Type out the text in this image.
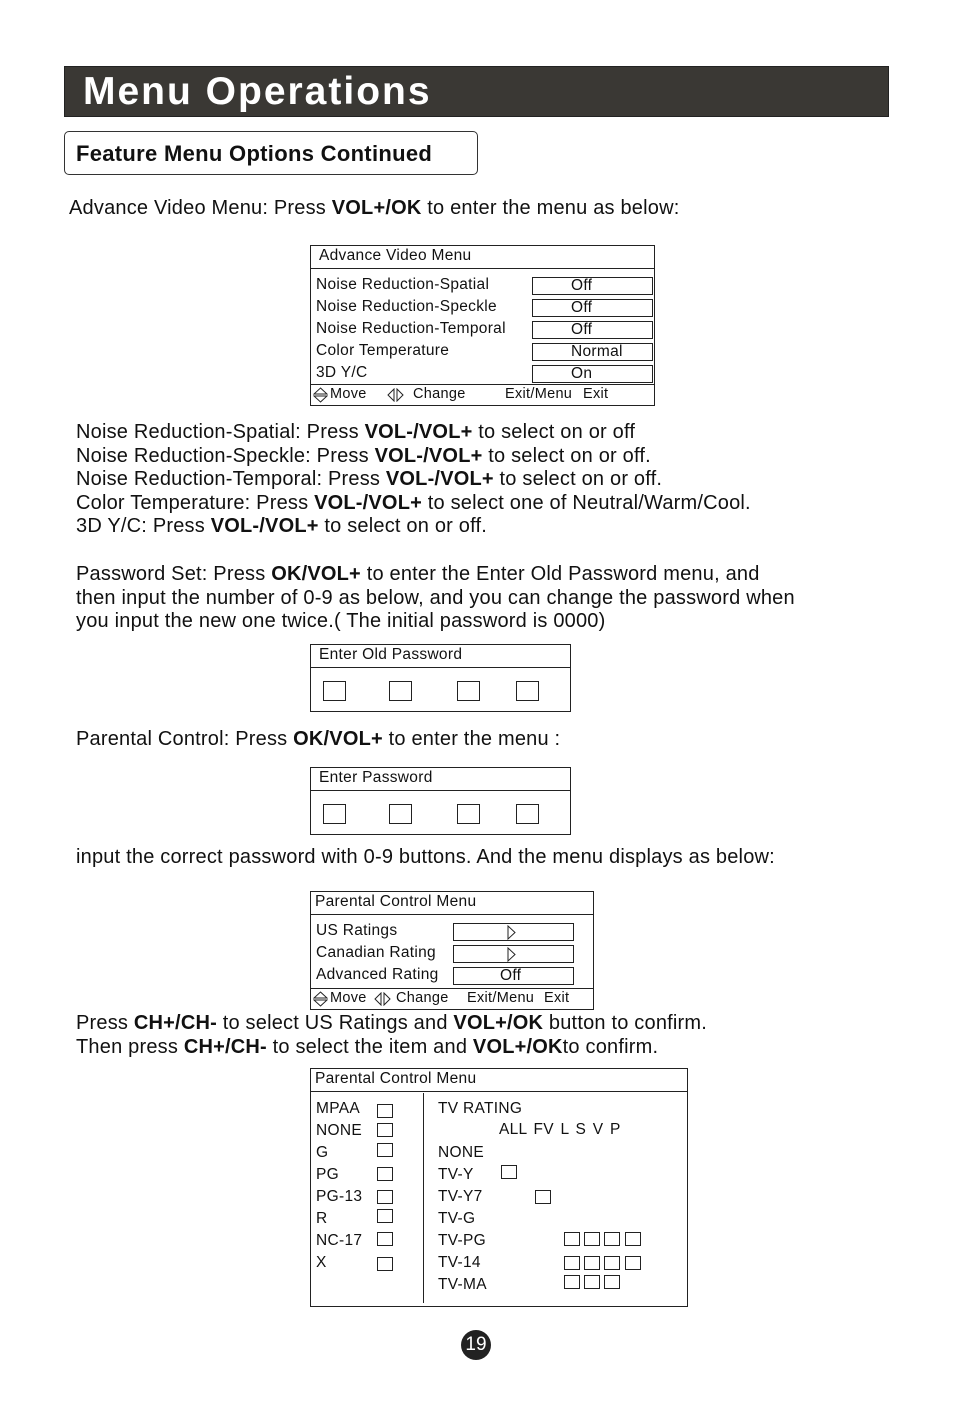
Menu Operations
Feature Menu Options Continued
Advance Video Menu: Press VOL+/OK to enter the menu as below:
Advance Video Menu
Noise Reduction-Spatial	Off
Noise Reduction-Speckle	Off
Noise Reduction-Temporal	Off
Color Temperature	Normal
3D Y/C	On
Move	Change	Exit/Menu Exit
Noise Reduction-Spatial: Press VOL-/VOL+ to select on or off
Noise Reduction-Speckle: Press VOL-/VOL+ to select on or off.
Noise Reduction-Temporal: Press VOL-/VOL+ to select on or off.
Color Temperature: Press VOL-/VOL+ to select one of Neutral/Warm/Cool.
3D Y/C: Press VOL-/VOL+ to select on or off.
Password Set: Press OK/VOL+ to enter the Enter Old Password menu, and
then input the number of 0-9 as below, and you can change the password when
you input the new one twice.( The initial password is 0000)
Enter Old Password
Parental Control: Press OK/VOL+ to enter the menu :
Enter Password
input the correct password with 0-9 buttons. And the menu displays as below:
Parental Control Menu
US Ratings
Canadian Rating
Advanced Rating	Off
Move Change Exit/Menu Exit
Press CH+/CH- to select US Ratings and VOL+/OK button to confirm.
Then press CH+/CH- to select the item and VOL+/OKto confirm.
Parental Control Menu
MPAA
NONE
G
PG
PG-13
R
NC-17
X
TV RATING
ALL FV L S V P
NONE
TV-Y
TV-Y7
TV-G
TV-PG
TV-14
TV-MA
19
